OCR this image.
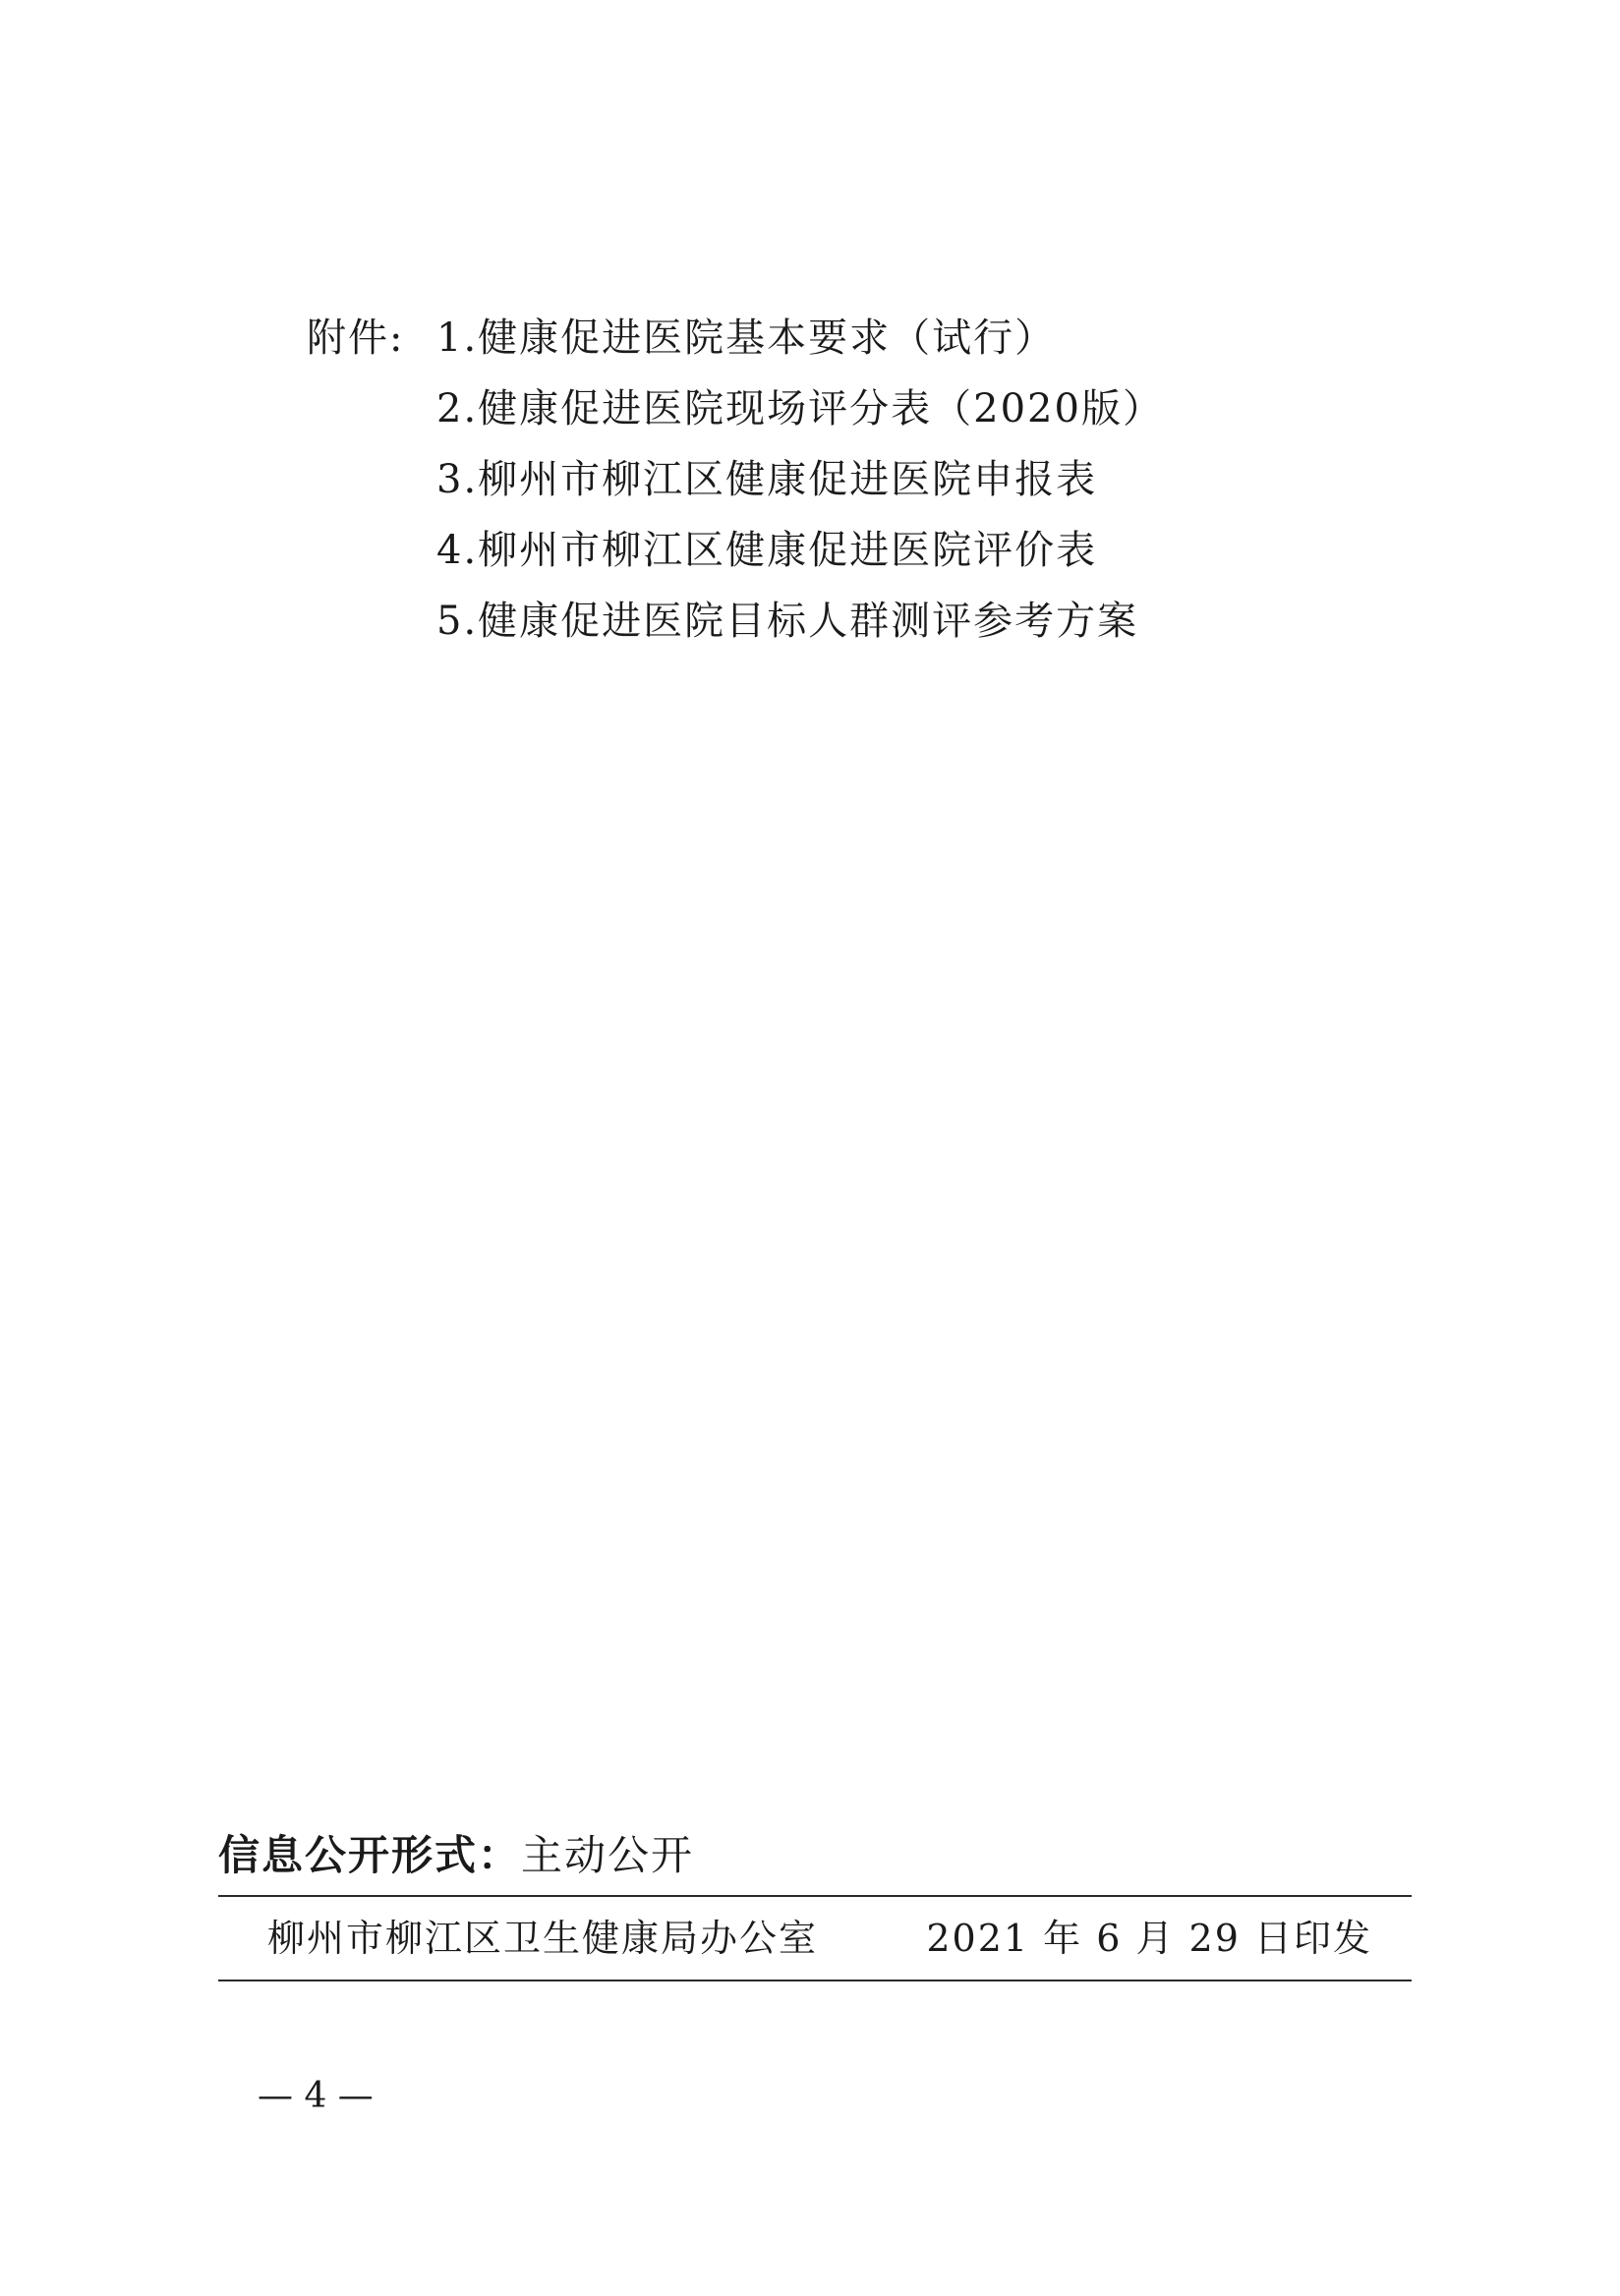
附件: 1.健康促进医院基本要求（试行）
2.健康促进医院现场评分表（2020版）
3.柳州市柳江区健康促进医院申报表
4.柳州市柳江区健康促进医院评价表
5.健康促进医院目标人群测评参考方案
信息公开形式：主动公开
柳州市柳江区卫生健康局办公室	2021 年 6 月 29 日印发
— 4 —
